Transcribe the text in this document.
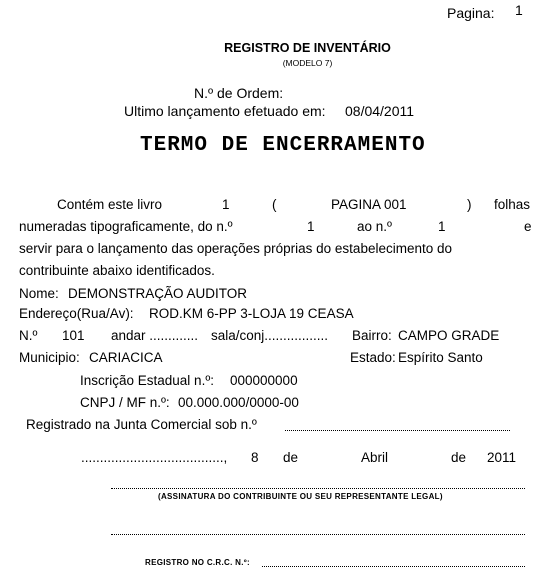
Pagina: 1
REGISTRO DE INVENTÁRIO
(MODELO 7)
N.º de Ordem:
Ultimo lançamento efetuado em: 08/04/2011
TERMO DE ENCERRAMENTO
Contém este livro	1	(	PAGINA 001	) folhas
numeradas tipograficamente, do n.º	1	ao n.º	1	e
servir para o lançamento das operações próprias do estabelecimento do
contribuinte abaixo identificados.
Nome: DEMONSTRAÇÃO AUDITOR
Endereço(Rua/Av): ROD.KM 6-PP 3-LOJA 19 CEASA
N.º 101 andar ............. sala/conj................. Bairro: CAMPO GRADE
Municipio: CARIACICA	Estado: Espírito Santo
Inscrição Estadual n.º: 000000000
CNPJ / MF n.º: 00.000.000/0000-00
Registrado na Junta Comercial sob n.º
......................................, 8 de	Abril	de 2011
(ASSINATURA DO CONTRIBUINTE OU SEU REPRESENTANTE LEGAL)
REGISTRO NO C.R.C. N.º:
